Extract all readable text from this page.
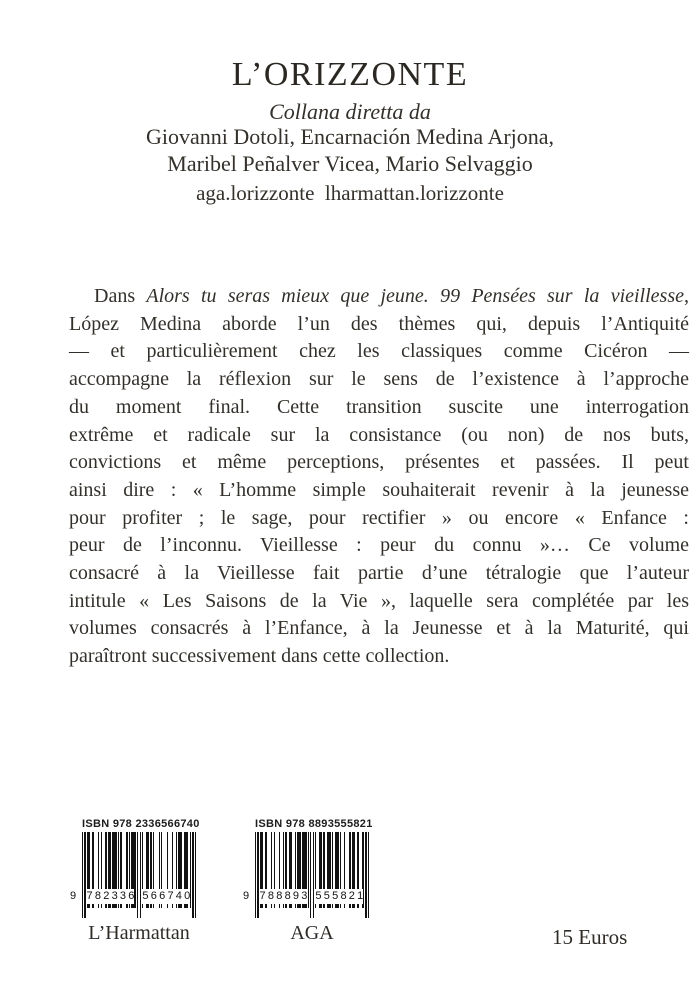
L’ORIZZONTE
Collana diretta da
Giovanni Dotoli, Encarnación Medina Arjona,
Maribel Peñalver Vicea, Mario Selvaggio
aga.lorizzonte lharmattan.lorizzonte
Dans Alors tu seras mieux que jeune. 99 Pensées sur la vieillesse,
López Medina aborde l’un des thèmes qui, depuis l’Antiquité
— et particulièrement chez les classiques comme Cicéron —
accompagne la réflexion sur le sens de l’existence à l’approche
du moment final. Cette transition suscite une interrogation
extrême et radicale sur la consistance (ou non) de nos buts,
convictions et même perceptions, présentes et passées. Il peut
ainsi dire : « L’homme simple souhaiterait revenir à la jeunesse
pour profiter ; le sage, pour rectifier » ou encore « Enfance :
peur de l’inconnu. Vieillesse : peur du connu »… Ce volume
consacré à la Vieillesse fait partie d’une tétralogie que l’auteur
intitule « Les Saisons de la Vie », laquelle sera complétée par les
volumes consacrés à l’Enfance, à la Jeunesse et à la Maturité, qui
paraîtront successivement dans cette collection.
ISBN 978 2336566740
9 7 8 2 3 3 6 5 6 6 7 4 0
L’Harmattan
ISBN 978 8893555821
9 7 8 8 8 9 3 5 5 5 8 2 1
AGA	15 Euros
